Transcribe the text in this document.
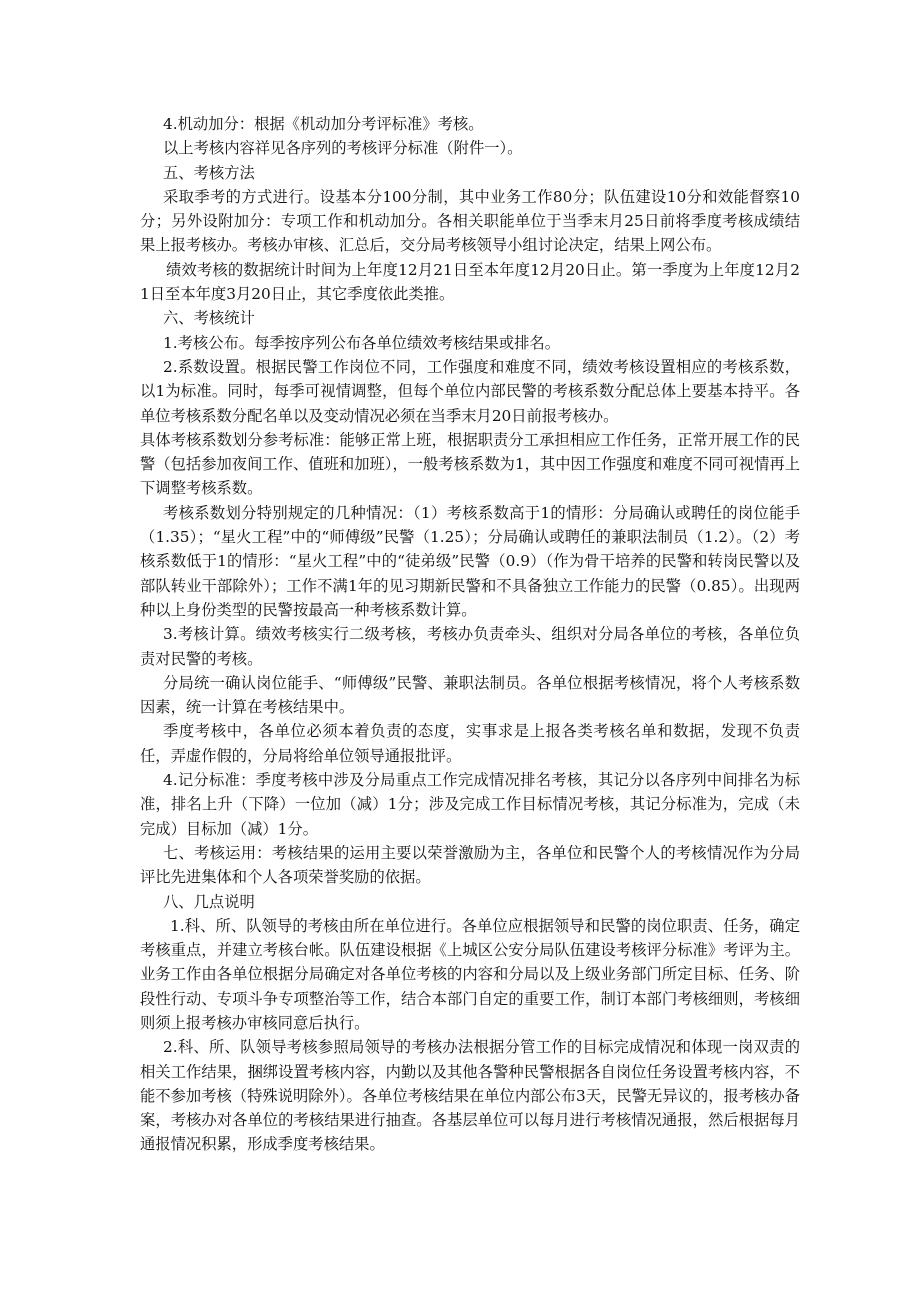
4.机动加分：根据《机动加分考评标准》考核。

以上考核内容祥见各序列的考核评分标准（附件一）。

五、考核方法

采取季考的方式进行。设基本分100分制，其中业务工作80分；队伍建设10分和效能督察10分；另外设附加分：专项工作和机动加分。各相关职能单位于当季末月25日前将季度考核成绩结果上报考核办。考核办审核、汇总后，交分局考核领导小组讨论决定，结果上网公布。

绩效考核的数据统计时间为上年度12月21日至本年度12月20日止。第一季度为上年度12月21日至本年度3月20日止，其它季度依此类推。

六、考核统计

1.考核公布。每季按序列公布各单位绩效考核结果或排名。

2.系数设置。根据民警工作岗位不同，工作强度和难度不同，绩效考核设置相应的考核系数，以1为标准。同时，每季可视情调整，但每个单位内部民警的考核系数分配总体上要基本持平。各单位考核系数分配名单以及变动情况必须在当季末月20日前报考核办。

具体考核系数划分参考标准：能够正常上班，根据职责分工承担相应工作任务，正常开展工作的民警（包括参加夜间工作、值班和加班），一般考核系数为1，其中因工作强度和难度不同可视情再上下调整考核系数。

考核系数划分特别规定的几种情况：（1）考核系数高于1的情形：分局确认或聘任的岗位能手（1.35）；“星火工程”中的“师傅级”民警（1.25）；分局确认或聘任的兼职法制员（1.2）。（2）考核系数低于1的情形：“星火工程”中的“徒弟级”民警（0.9）（作为骨干培养的民警和转岗民警以及部队转业干部除外）；工作不满1年的见习期新民警和不具备独立工作能力的民警（0.85）。出现两种以上身份类型的民警按最高一种考核系数计算。

3.考核计算。绩效考核实行二级考核，考核办负责牵头、组织对分局各单位的考核，各单位负责对民警的考核。

分局统一确认岗位能手、“师傅级”民警、兼职法制员。各单位根据考核情况，将个人考核系数因素，统一计算在考核结果中。

季度考核中，各单位必须本着负责的态度，实事求是上报各类考核名单和数据，发现不负责任，弄虚作假的，分局将给单位领导通报批评。

4.记分标准：季度考核中涉及分局重点工作完成情况排名考核，其记分以各序列中间排名为标准，排名上升（下降）一位加（减）1分；涉及完成工作目标情况考核，其记分标准为，完成（未完成）目标加（减）1分。

七、考核运用：考核结果的运用主要以荣誉激励为主，各单位和民警个人的考核情况作为分局评比先进集体和个人各项荣誉奖励的依据。

八、几点说明

1.科、所、队领导的考核由所在单位进行。各单位应根据领导和民警的岗位职责、任务，确定考核重点，并建立考核台帐。队伍建设根据《上城区公安分局队伍建设考核评分标准》考评为主。业务工作由各单位根据分局确定对各单位考核的内容和分局以及上级业务部门所定目标、任务、阶段性行动、专项斗争专项整治等工作，结合本部门自定的重要工作，制订本部门考核细则，考核细则须上报考核办审核同意后执行。

2.科、所、队领导考核参照局领导的考核办法根据分管工作的目标完成情况和体现一岗双责的相关工作结果，捆绑设置考核内容，内勤以及其他各警种民警根据各自岗位任务设置考核内容，不能不参加考核（特殊说明除外）。各单位考核结果在单位内部公布3天，民警无异议的，报考核办备案，考核办对各单位的考核结果进行抽查。各基层单位可以每月进行考核情况通报，然后根据每月通报情况积累，形成季度考核结果。
